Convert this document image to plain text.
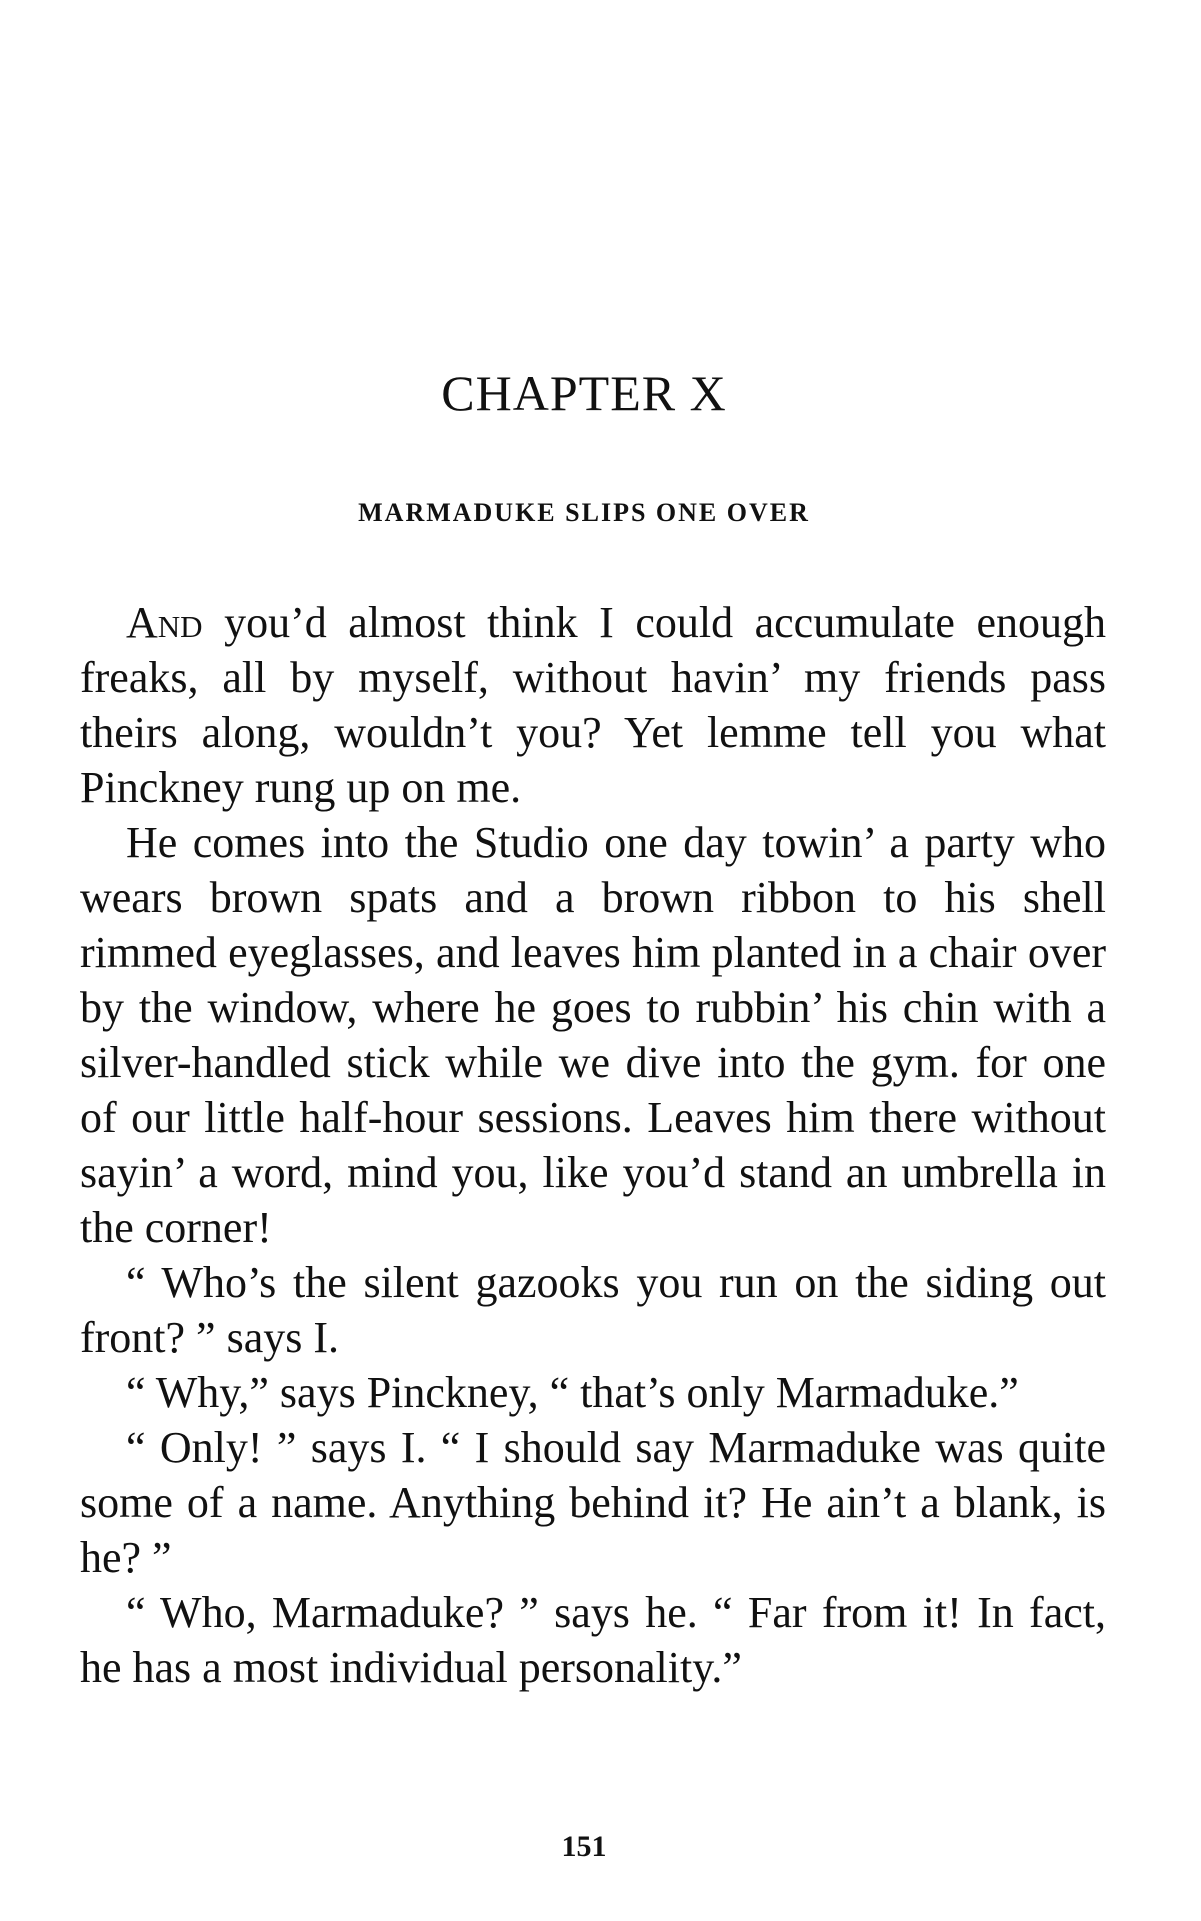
CHAPTER X
MARMADUKE SLIPS ONE OVER

And you’d almost think I could accumulate enough freaks, all by myself, without havin’ my friends pass theirs along, wouldn’t you? Yet lemme tell you what Pinckney rung up on me.

He comes into the Studio one day towin’ a party who wears brown spats and a brown ribbon to his shell rimmed eyeglasses, and leaves him planted in a chair over by the window, where he goes to rubbin’ his chin with a silver-handled stick while we dive into the gym. for one of our little half-hour sessions. Leaves him there without sayin’ a word, mind you, like you’d stand an umbrella in the corner!

“ Who’s the silent gazooks you run on the siding out front? ” says I.

“ Why,” says Pinckney, “ that’s only Marmaduke.”

“ Only! ” says I. “ I should say Marmaduke was quite some of a name. Anything behind it? He ain’t a blank, is he? ”

“ Who, Marmaduke? ” says he. “ Far from it! In fact, he has a most individual personality.”

151
